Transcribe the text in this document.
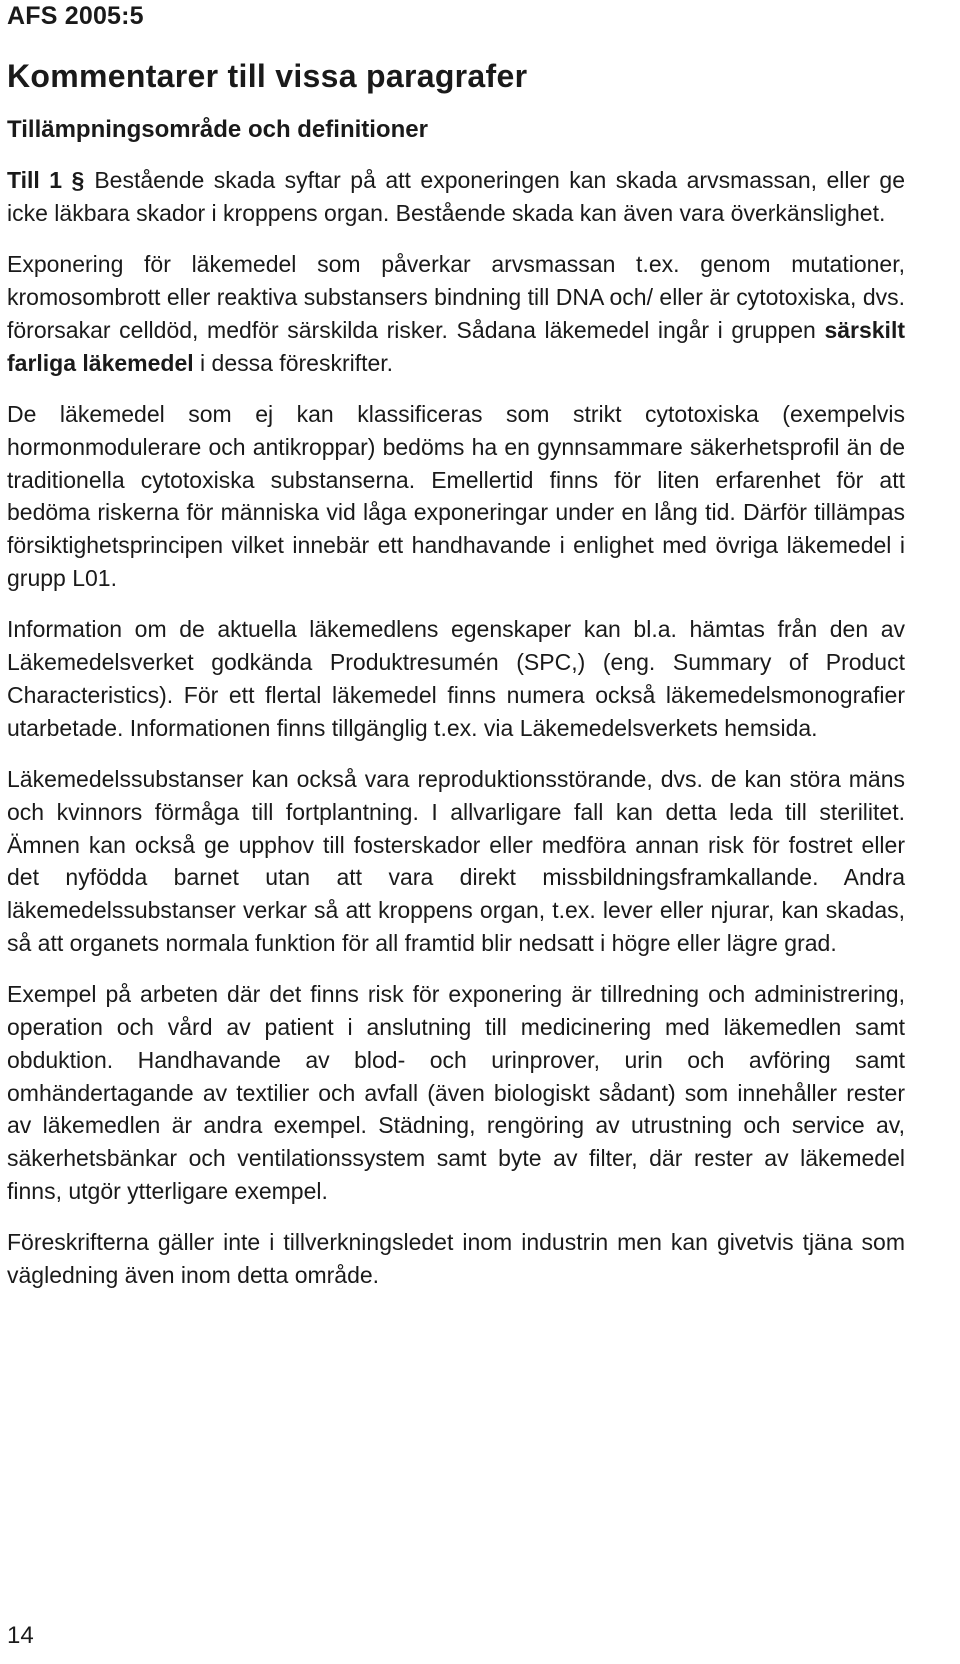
AFS 2005:5
Kommentarer till vissa paragrafer
Tillämpningsområde och definitioner

Till 1 § Bestående skada syftar på att exponeringen kan skada arvsmassan, eller ge icke läkbara skador i kroppens organ. Bestående skada kan även vara överkänslighet.

Exponering för läkemedel som påverkar arvsmassan t.ex. genom mutationer, kromosombrott eller reaktiva substansers bindning till DNA och/ eller är cytotoxiska, dvs. förorsakar celldöd, medför särskilda risker. Sådana läkemedel ingår i gruppen särskilt farliga läkemedel i dessa föreskrifter.

De läkemedel som ej kan klassificeras som strikt cytotoxiska (exempelvis hormonmodulerare och antikroppar) bedöms ha en gynnsammare säkerhetsprofil än de traditionella cytotoxiska substanserna. Emellertid finns för liten erfarenhet för att bedöma riskerna för människa vid låga exponeringar under en lång tid. Därför tillämpas försiktighetsprincipen vilket innebär ett handhavande i enlighet med övriga läkemedel i grupp L01.

Information om de aktuella läkemedlens egenskaper kan bl.a. hämtas från den av Läkemedelsverket godkända Produktresumén (SPC,) (eng. Summary of Product Characteristics). För ett flertal läkemedel finns numera också läkemedelsmonografier utarbetade. Informationen finns tillgänglig t.ex. via Läkemedelsverkets hemsida.

Läkemedelssubstanser kan också vara reproduktionsstörande, dvs. de kan störa mäns och kvinnors förmåga till fortplantning. I allvarligare fall kan detta leda till sterilitet. Ämnen kan också ge upphov till fosterskador eller medföra annan risk för fostret eller det nyfödda barnet utan att vara direkt missbildningsframkallande. Andra läkemedelssubstanser verkar så att kroppens organ, t.ex. lever eller njurar, kan skadas, så att organets normala funktion för all framtid blir nedsatt i högre eller lägre grad.

Exempel på arbeten där det finns risk för exponering är tillredning och administrering, operation och vård av patient i anslutning till medicinering med läkemedlen samt obduktion. Handhavande av blod- och urinprover, urin och avföring samt omhändertagande av textilier och avfall (även biologiskt sådant) som innehåller rester av läkemedlen är andra exempel. Städning, rengöring av utrustning och service av, säkerhetsbänkar och ventilationssystem samt byte av filter, där rester av läkemedel finns, utgör ytterligare exempel.

Föreskrifterna gäller inte i tillverkningsledet inom industrin men kan givetvis tjäna som vägledning även inom detta område.

14
